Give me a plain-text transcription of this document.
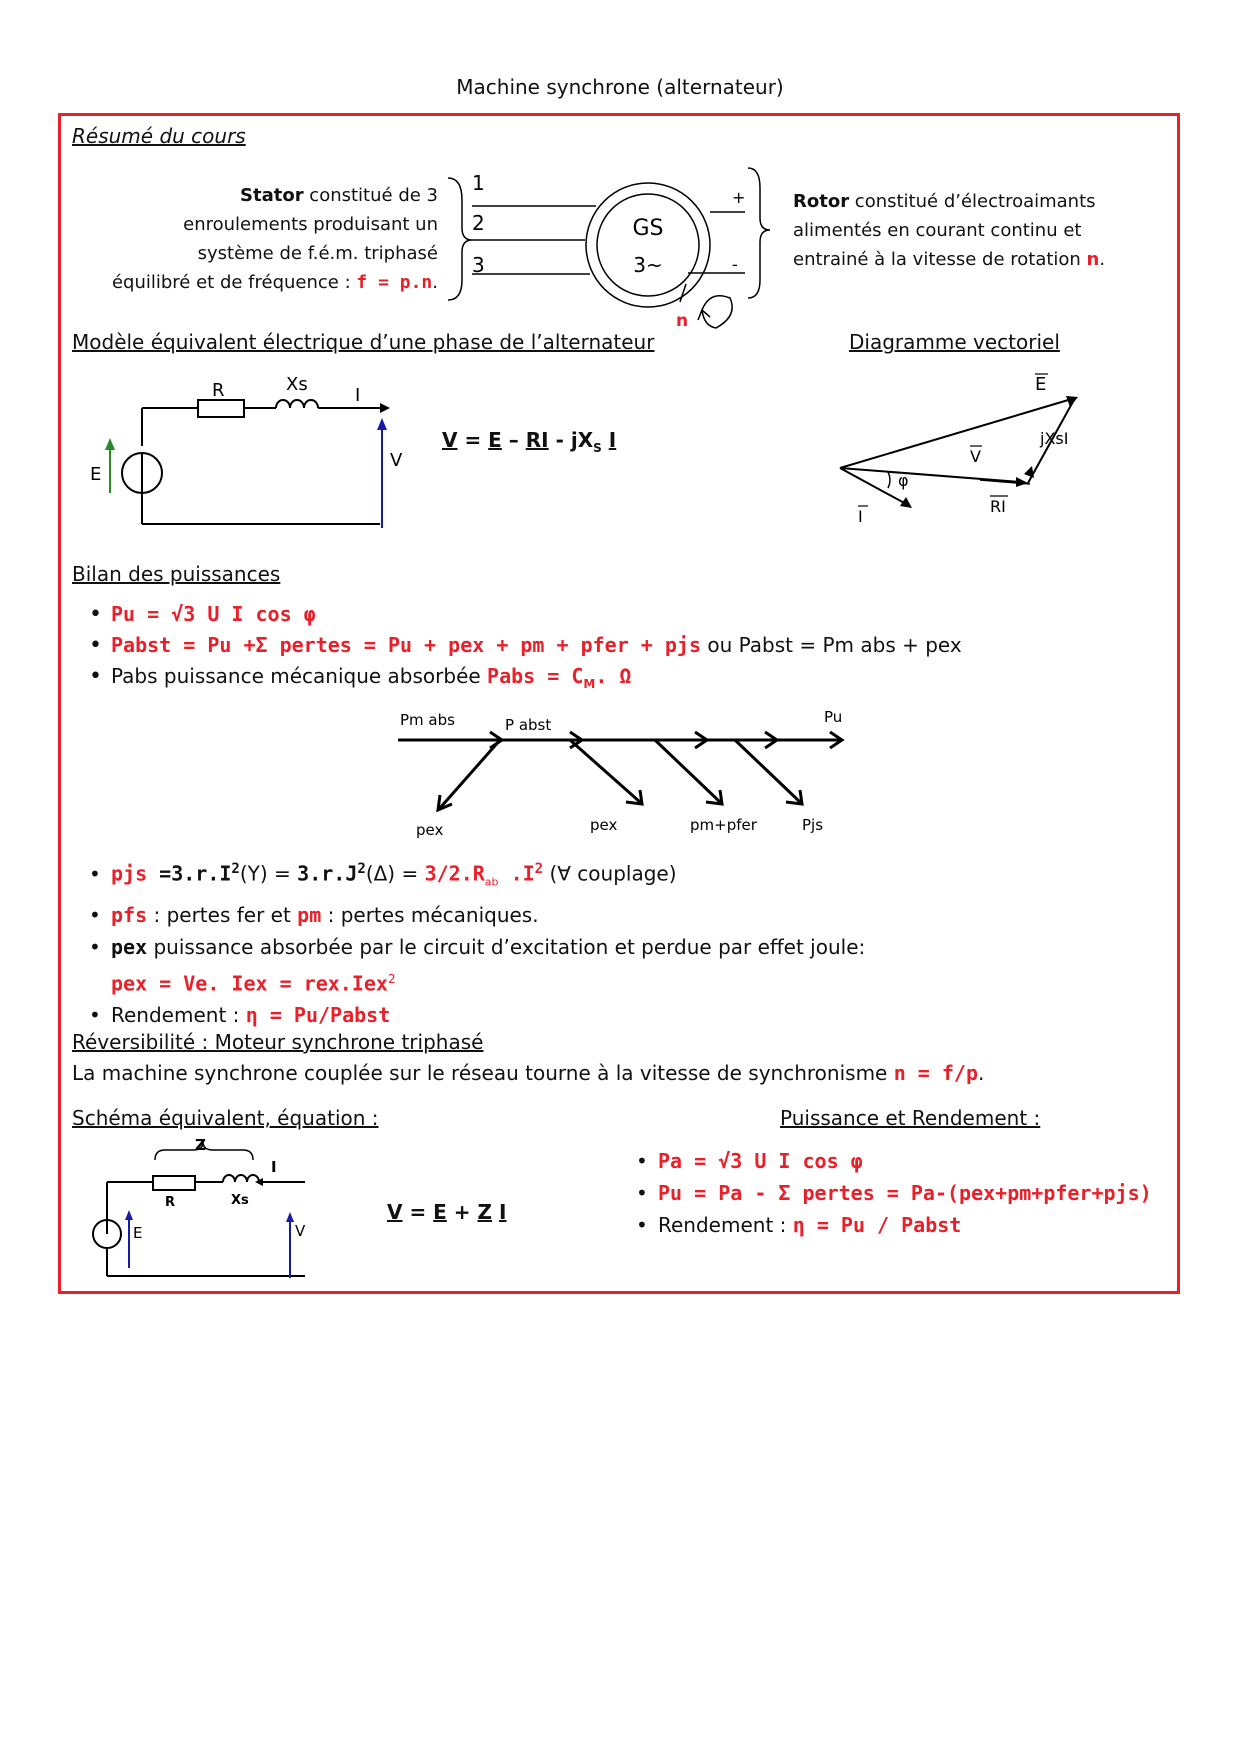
Machine synchrone (alternateur)
Résumé du cours
Stator constitué de 3
enroulements produisant un
système de f.é.m. triphasé
équilibré et de fréquence : f = p.n.
1
2
3
GS
3~
+
-
n
Rotor constitué d’électroaimants
alimentés en courant continu et
entrainé à la vitesse de rotation n.
Modèle équivalent électrique d’une phase de l’alternateur	Diagramme vectoriel
R	Xs
I
E
V
V = E – RI - $jX_S$ I
E
V
jXsI
φ
I
RI
Bilan des puissances
• Pu = √3 U I cos φ
• Pabst = Pu +Σ pertes = Pu + pex + pm + pfer + pjs ou Pabst = Pm abs + pex
• Pabs puissance mécanique absorbée Pabs = $C_M$. Ω
Pm abs	P abst	Pu
pex	pex	pm+pfer	Pjs
• pjs $=3.r.I^2(Y) = 3.r.J^2(\Delta) = 3/2.R_{ab}$ $.I^2$ (∀ couplage)
• pfs : pertes fer et pm : pertes mécaniques.
• pex puissance absorbée par le circuit d’excitation et perdue par effet joule:
pex = Ve. Iex = rex.Iex$^2$
• Rendement : η = Pu/Pabst
Réversibilité : Moteur synchrone triphasé
La machine synchrone couplée sur le réseau tourne à la vitesse de synchronisme n = f/p.
Schéma équivalent, équation :	Puissance et Rendement :
Z
R	Xs
I
E	V
V = E + Z I
• Pa = √3 U I cos φ
• Pu = Pa - Σ pertes = Pa-(pex+pm+pfer+pjs)
• Rendement : η = Pu / Pabst
